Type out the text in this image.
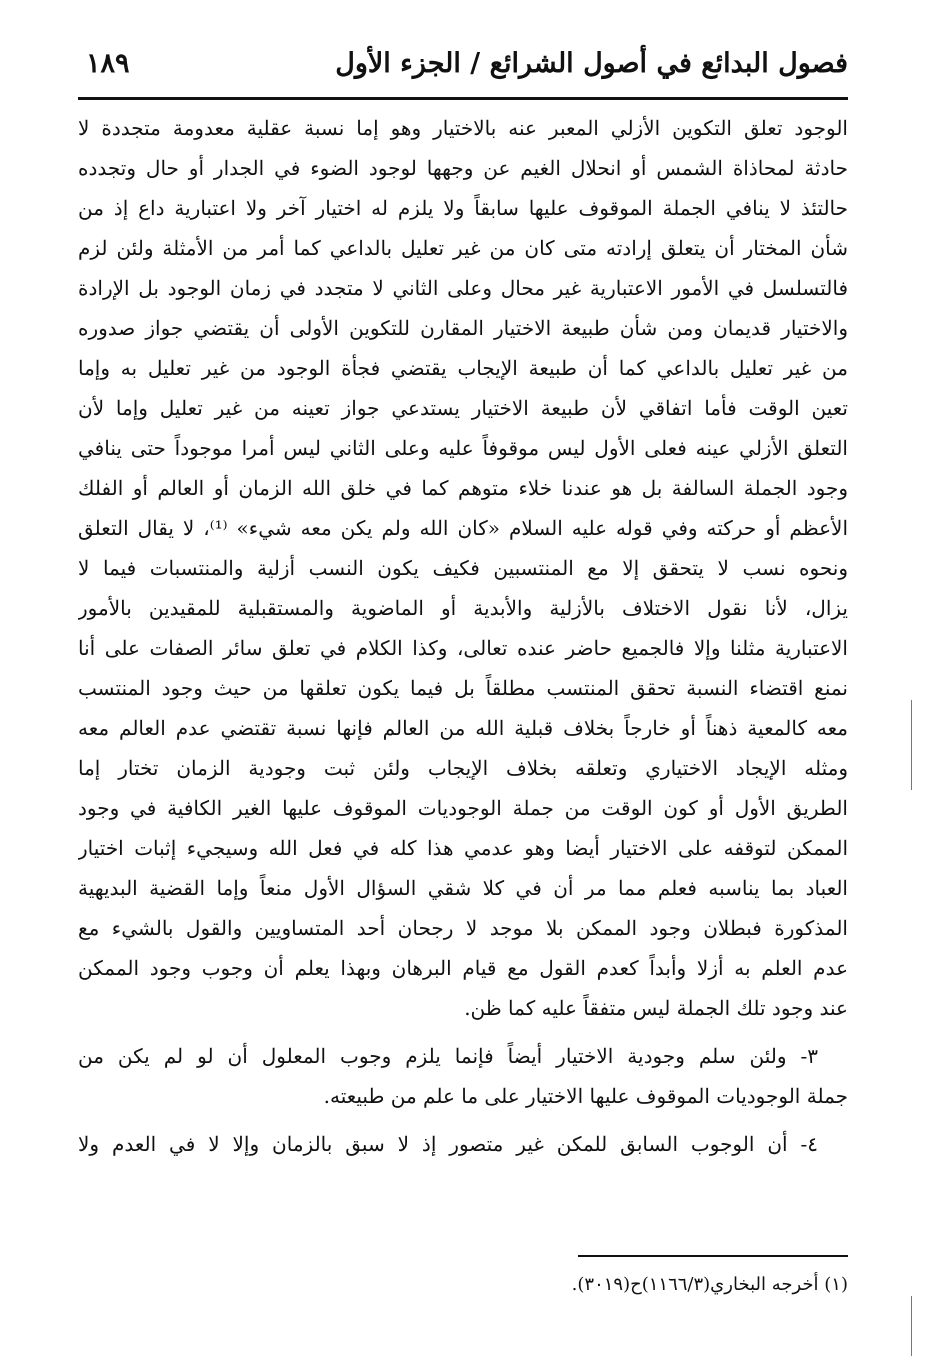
فصول البدائع في أصول الشرائع / الجزء الأول
١٨٩
الوجود تعلق التكوين الأزلي المعبر عنه بالاختيار وهو إما نسبة عقلية معدومة متجددة لا
حادثة لمحاذاة الشمس أو انحلال الغيم عن وجهها لوجود الضوء في الجدار أو حال وتجدده
حالتئذ لا ينافي الجملة الموقوف عليها سابقاً ولا يلزم له اختيار آخر ولا اعتبارية داع إذ من
شأن المختار أن يتعلق إرادته متى كان من غير تعليل بالداعي كما أمر من الأمثلة ولئن لزم
فالتسلسل في الأمور الاعتبارية غير محال وعلى الثاني لا متجدد في زمان الوجود بل الإرادة
والاختيار قديمان ومن شأن طبيعة الاختيار المقارن للتكوين الأولى أن يقتضي جواز صدوره
من غير تعليل بالداعي كما أن طبيعة الإيجاب يقتضي فجأة الوجود من غير تعليل به وإما
تعين الوقت فأما اتفاقي لأن طبيعة الاختيار يستدعي جواز تعينه من غير تعليل وإما لأن
التعلق الأزلي عينه فعلى الأول ليس موقوفاً عليه وعلى الثاني ليس أمرا موجوداً حتى ينافي
وجود الجملة السالفة بل هو عندنا خلاء متوهم كما في خلق الله الزمان أو العالم أو الفلك
الأعظم أو حركته وفي قوله عليه السلام «كان الله ولم يكن معه شيء» ⁽¹⁾، لا يقال التعلق
ونحوه نسب لا يتحقق إلا مع المنتسبين فكيف يكون النسب أزلية والمنتسبات فيما لا
يزال، لأنا نقول الاختلاف بالأزلية والأبدية أو الماضوية والمستقبلية للمقيدين بالأمور
الاعتبارية مثلنا وإلا فالجميع حاضر عنده تعالى، وكذا الكلام في تعلق سائر الصفات على أنا
نمنع اقتضاء النسبة تحقق المنتسب مطلقاً بل فيما يكون تعلقها من حيث وجود المنتسب
معه كالمعية ذهناً أو خارجاً بخلاف قبلية الله من العالم فإنها نسبة تقتضي عدم العالم معه
ومثله الإيجاد الاختياري وتعلقه بخلاف الإيجاب ولئن ثبت وجودية الزمان تختار إما
الطريق الأول أو كون الوقت من جملة الوجوديات الموقوف عليها الغير الكافية في وجود
الممكن لتوقفه على الاختيار أيضا وهو عدمي هذا كله في فعل الله وسيجيء إثبات اختيار
العباد بما يناسبه فعلم مما مر أن في كلا شقي السؤال الأول منعاً وإما القضية البديهية
المذكورة فبطلان وجود الممكن بلا موجد لا رجحان أحد المتساويين والقول بالشيء مع
عدم العلم به أزلا وأبداً كعدم القول مع قيام البرهان وبهذا يعلم أن وجوب وجود الممكن
عند وجود تلك الجملة ليس متفقاً عليه كما ظن.
٣- ولئن سلم وجودية الاختيار أيضاً فإنما يلزم وجوب المعلول أن لو لم يكن من
جملة الوجوديات الموقوف عليها الاختيار على ما علم من طبيعته.
٤- أن الوجوب السابق للمكن غير متصور إذ لا سبق بالزمان وإلا لا في العدم ولا
(١) أخرجه البخاري(١١٦٦/٣)ح(٣٠١٩).
